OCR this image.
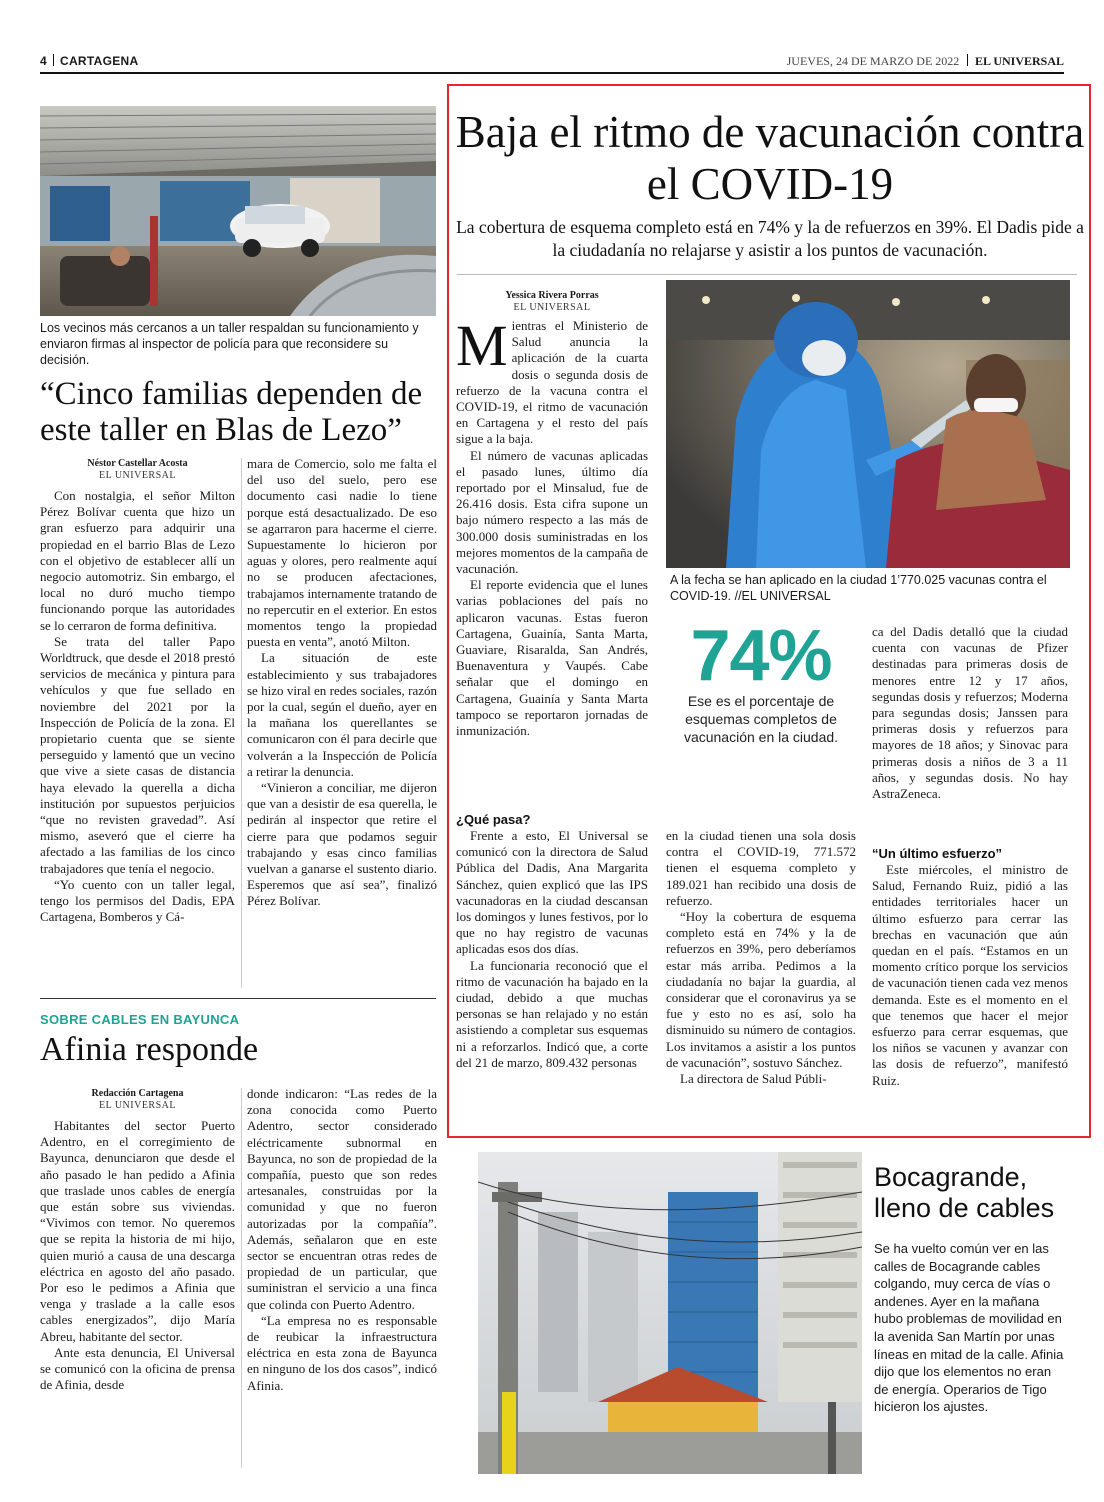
4 CARTAGENA	JUEVES, 24 DE MARZO DE 2022 EL UNIVERSAL
Los vecinos más cercanos a un taller respaldan su funcionamiento y enviaron firmas al inspector de policía para que reconsidere su decisión.
“Cinco familias dependen de este taller en Blas de Lezo”
Néstor Castellar Acosta
EL UNIVERSAL

Con nostalgia, el señor Milton Pérez Bolívar cuenta que hizo un gran esfuerzo para adquirir una propiedad en el barrio Blas de Lezo con el objetivo de establecer allí un negocio automotriz. Sin embargo, el local no duró mucho tiempo funcionando porque las autoridades se lo cerraron de forma definitiva.

Se trata del taller Papo Worldtruck, que desde el 2018 prestó servicios de mecánica y pintura para vehículos y que fue sellado en noviembre del 2021 por la Inspección de Policía de la zona. El propietario cuenta que se siente perseguido y lamentó que un vecino que vive a siete casas de distancia haya elevado la querella a dicha institución por supuestos perjuicios “que no revisten gravedad”. Así mismo, aseveró que el cierre ha afectado a las familias de los cinco trabajadores que tenía el negocio.

“Yo cuento con un taller legal, tengo los permisos del Dadis, EPA Cartagena, Bomberos y Cá-

mara de Comercio, solo me falta el del uso del suelo, pero ese documento casi nadie lo tiene porque está desactualizado. De eso se agarraron para hacerme el cierre. Supuestamente lo hicieron por aguas y olores, pero realmente aquí no se producen afectaciones, trabajamos internamente tratando de no repercutir en el exterior. En estos momentos tengo la propiedad puesta en venta”, anotó Milton.

La situación de este establecimiento y sus trabajadores se hizo viral en redes sociales, razón por la cual, según el dueño, ayer en la mañana los querellantes se comunicaron con él para decirle que volverán a la Inspección de Policía a retirar la denuncia.

“Vinieron a conciliar, me dijeron que van a desistir de esa querella, le pedirán al inspector que retire el cierre para que podamos seguir trabajando y esas cinco familias vuelvan a ganarse el sustento diario. Esperemos que así sea”, finalizó Pérez Bolívar.

SOBRE CABLES EN BAYUNCA
Afinia responde
Redacción Cartagena
EL UNIVERSAL

Habitantes del sector Puerto Adentro, en el corregimiento de Bayunca, denunciaron que desde el año pasado le han pedido a Afinia que traslade unos cables de energía que están sobre sus viviendas. “Vivimos con temor. No queremos que se repita la historia de mi hijo, quien murió a causa de una descarga eléctrica en agosto del año pasado. Por eso le pedimos a Afinia que venga y traslade a la calle esos cables energizados”, dijo María Abreu, habitante del sector.

Ante esta denuncia, El Universal se comunicó con la oficina de prensa de Afinia, desde

donde indicaron: “Las redes de la zona conocida como Puerto Adentro, sector considerado eléctricamente subnormal en Bayunca, no son de propiedad de la compañía, puesto que son redes artesanales, construidas por la comunidad y que no fueron autorizadas por la compañía”. Además, señalaron que en este sector se encuentran otras redes de propiedad de un particular, que suministran el servicio a una finca que colinda con Puerto Adentro.

“La empresa no es responsable de reubicar la infraestructura eléctrica en esta zona de Bayunca en ninguno de los dos casos”, indicó Afinia.

Baja el ritmo de vacunación contra el COVID-19
La cobertura de esquema completo está en 74% y la de refuerzos en 39%. El Dadis pide a la ciudadanía no relajarse y asistir a los puntos de vacunación.
Yessica Rivera Porras
EL UNIVERSAL

Mientras el Ministerio de Salud anuncia la aplicación de la cuarta dosis o segunda dosis de refuerzo de la vacuna contra el COVID-19, el ritmo de vacunación en Cartagena y el resto del país sigue a la baja.

El número de vacunas aplicadas el pasado lunes, último día reportado por el Minsalud, fue de 26.416 dosis. Esta cifra supone un bajo número respecto a las más de 300.000 dosis suministradas en los mejores momentos de la campaña de vacunación.

El reporte evidencia que el lunes varias poblaciones del país no aplicaron vacunas. Estas fueron Cartagena, Guainía, Santa Marta, Guaviare, Risaralda, San Andrés, Buenaventura y Vaupés. Cabe señalar que el domingo en Cartagena, Guainía y Santa Marta tampoco se reportaron jornadas de inmunización.

A la fecha se han aplicado en la ciudad 1’770.025 vacunas contra el COVID-19. //EL UNIVERSAL
74%
Ese es el porcentaje de esquemas completos de vacunación en la ciudad.

ca del Dadis detalló que la ciudad cuenta con vacunas de Pfizer destinadas para primeras dosis de menores entre 12 y 17 años, segundas dosis y refuerzos; Moderna para segundas dosis; Janssen para primeras dosis y refuerzos para mayores de 18 años; y Sinovac para primeras dosis a niños de 3 a 11 años, y segundas dosis. No hay AstraZeneca.

¿Qué pasa?

Frente a esto, El Universal se comunicó con la directora de Salud Pública del Dadis, Ana Margarita Sánchez, quien explicó que las IPS vacunadoras en la ciudad descansan los domingos y lunes festivos, por lo que no hay registro de vacunas aplicadas esos dos días.

La funcionaria reconoció que el ritmo de vacunación ha bajado en la ciudad, debido a que muchas personas se han relajado y no están asistiendo a completar sus esquemas ni a reforzarlos. Indicó que, a corte del 21 de marzo, 809.432 personas

en la ciudad tienen una sola dosis contra el COVID-19, 771.572 tienen el esquema completo y 189.021 han recibido una dosis de refuerzo.

“Hoy la cobertura de esquema completo está en 74% y la de refuerzos en 39%, pero deberíamos estar más arriba. Pedimos a la ciudadanía no bajar la guardia, al considerar que el coronavirus ya se fue y esto no es así, solo ha disminuido su número de contagios. Los invitamos a asistir a los puntos de vacunación”, sostuvo Sánchez.

La directora de Salud Públi-

“Un último esfuerzo”

Este miércoles, el ministro de Salud, Fernando Ruiz, pidió a las entidades territoriales hacer un último esfuerzo para cerrar las brechas en vacunación que aún quedan en el país. “Estamos en un momento crítico porque los servicios de vacunación tienen cada vez menos demanda. Este es el momento en el que tenemos que hacer el mejor esfuerzo para cerrar esquemas, que los niños se vacunen y avanzar con las dosis de refuerzo”, manifestó Ruiz.

Bocagrande, lleno de cables
Se ha vuelto común ver en las calles de Bocagrande cables colgando, muy cerca de vías o andenes. Ayer en la mañana hubo problemas de movilidad en la avenida San Martín por unas líneas en mitad de la calle. Afinia dijo que los elementos no eran de energía. Operarios de Tigo hicieron los ajustes.
